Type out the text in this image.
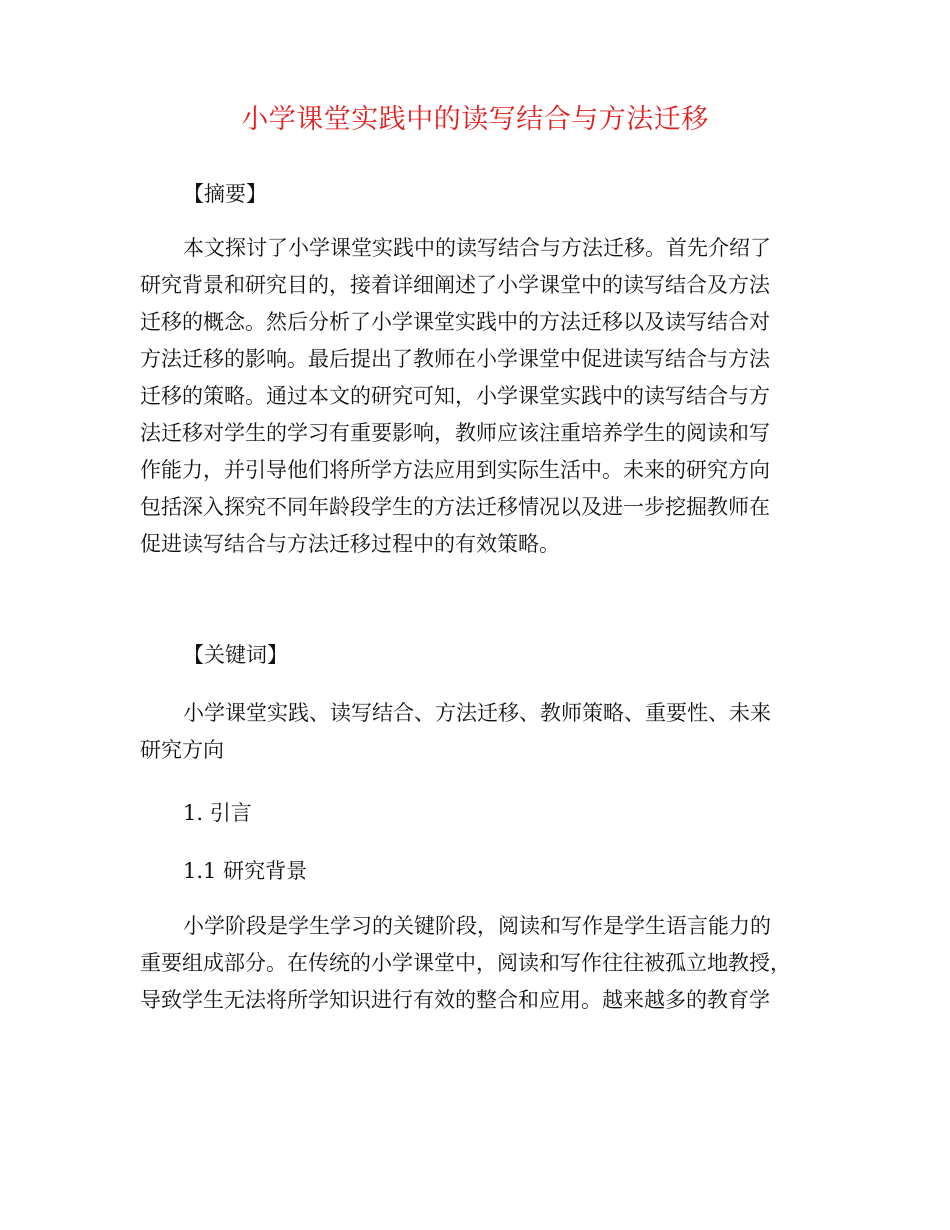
小学课堂实践中的读写结合与方法迁移
【摘要】
本文探讨了小学课堂实践中的读写结合与方法迁移。首先介绍了
研究背景和研究目的，接着详细阐述了小学课堂中的读写结合及方法
迁移的概念。然后分析了小学课堂实践中的方法迁移以及读写结合对
方法迁移的影响。最后提出了教师在小学课堂中促进读写结合与方法
迁移的策略。通过本文的研究可知，小学课堂实践中的读写结合与方
法迁移对学生的学习有重要影响，教师应该注重培养学生的阅读和写
作能力，并引导他们将所学方法应用到实际生活中。未来的研究方向
包括深入探究不同年龄段学生的方法迁移情况以及进一步挖掘教师在
促进读写结合与方法迁移过程中的有效策略。
【关键词】
小学课堂实践、读写结合、方法迁移、教师策略、重要性、未来
研究方向
1. 引言
1.1 研究背景
小学阶段是学生学习的关键阶段，阅读和写作是学生语言能力的
重要组成部分。在传统的小学课堂中，阅读和写作往往被孤立地教授，
导致学生无法将所学知识进行有效的整合和应用。越来越多的教育学
